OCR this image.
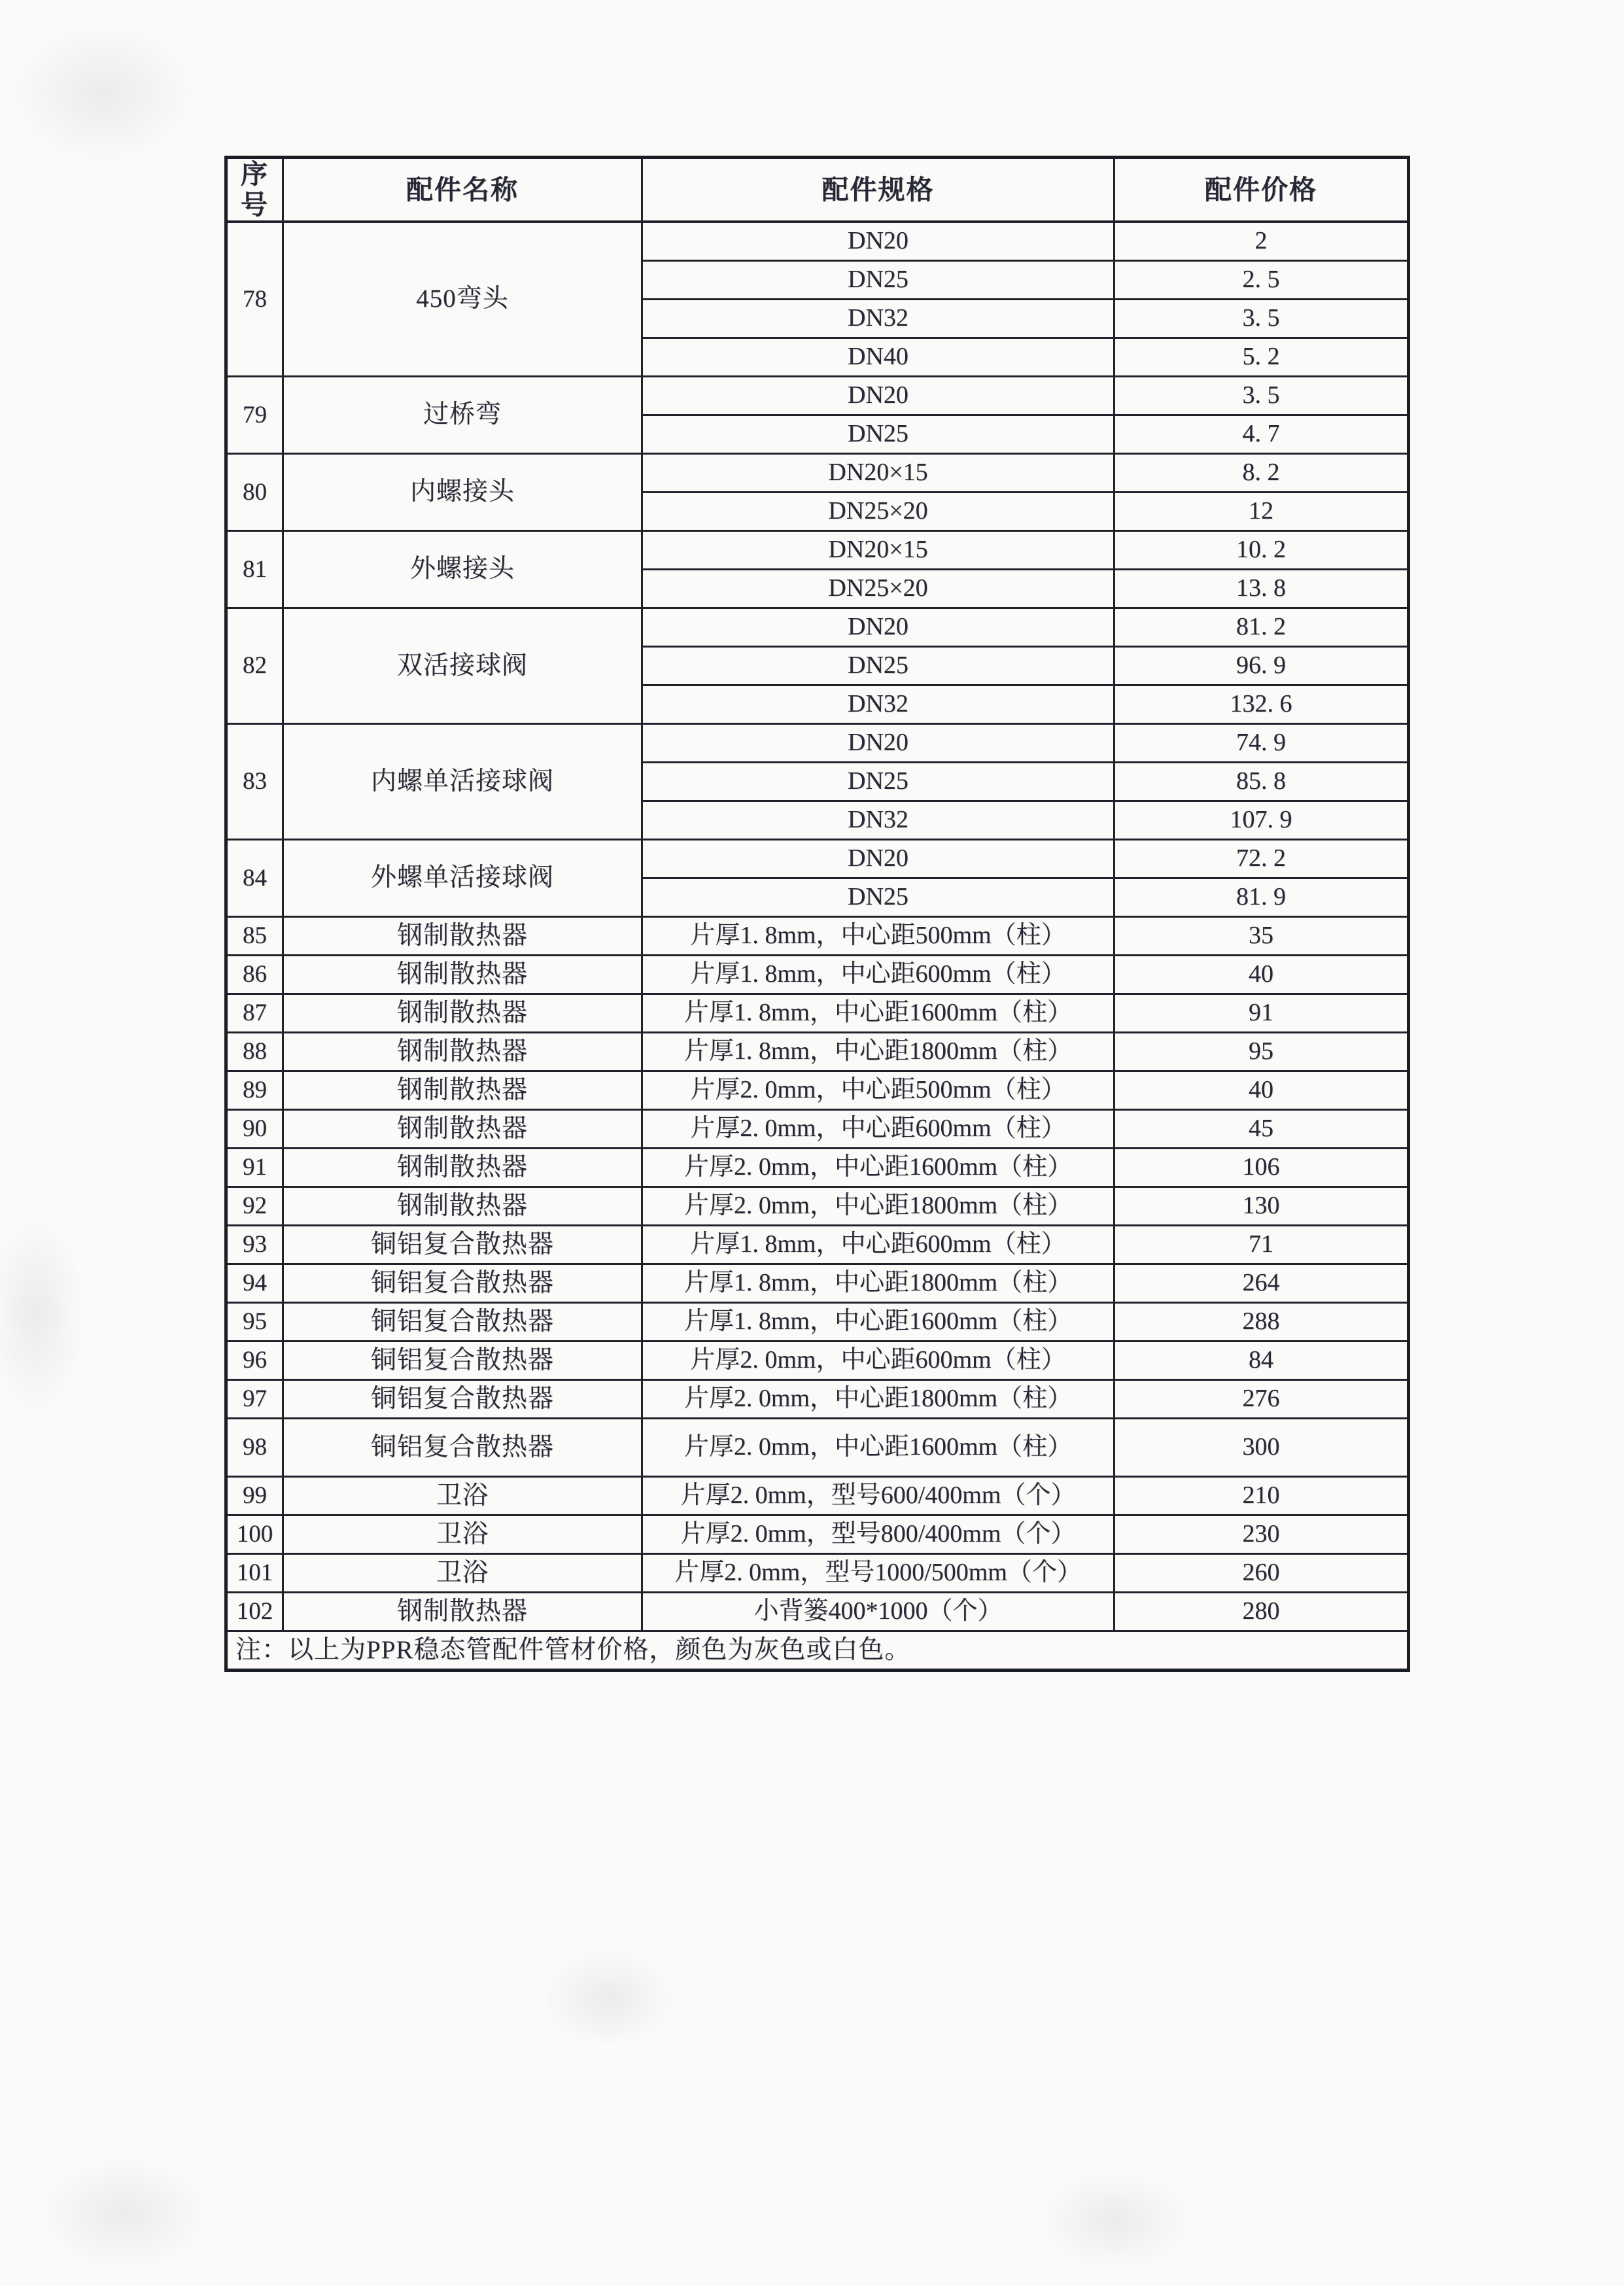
序号	配件名称	配件规格	配件价格
78	450弯头	DN20	2
		DN25	2. 5
		DN32	3. 5
		DN40	5. 2
79	过桥弯	DN20	3. 5
		DN25	4. 7
80	内螺接头	DN20×15	8. 2
		DN25×20	12
81	外螺接头	DN20×15	10. 2
		DN25×20	13. 8
82	双活接球阀	DN20	81. 2
		DN25	96. 9
		DN32	132. 6
83	内螺单活接球阀	DN20	74. 9
		DN25	85. 8
		DN32	107. 9
84	外螺单活接球阀	DN20	72. 2
		DN25	81. 9
85	钢制散热器	片厚1. 8mm，中心距500mm（柱）	35
86	钢制散热器	片厚1. 8mm，中心距600mm（柱）	40
87	钢制散热器	片厚1. 8mm，中心距1600mm（柱）	91
88	钢制散热器	片厚1. 8mm，中心距1800mm（柱）	95
89	钢制散热器	片厚2. 0mm，中心距500mm（柱）	40
90	钢制散热器	片厚2. 0mm，中心距600mm（柱）	45
91	钢制散热器	片厚2. 0mm，中心距1600mm（柱）	106
92	钢制散热器	片厚2. 0mm，中心距1800mm（柱）	130
93	铜铝复合散热器	片厚1. 8mm，中心距600mm（柱）	71
94	铜铝复合散热器	片厚1. 8mm，中心距1800mm（柱）	264
95	铜铝复合散热器	片厚1. 8mm，中心距1600mm（柱）	288
96	铜铝复合散热器	片厚2. 0mm，中心距600mm（柱）	84
97	铜铝复合散热器	片厚2. 0mm，中心距1800mm（柱）	276
98	铜铝复合散热器	片厚2. 0mm，中心距1600mm（柱）	300
99	卫浴	片厚2. 0mm，型号600/400mm（个）	210
100	卫浴	片厚2. 0mm，型号800/400mm（个）	230
101	卫浴	片厚2. 0mm，型号1000/500mm（个）	260
102	钢制散热器	小背篓400*1000（个）	280
注：以上为PPR稳态管配件管材价格，颜色为灰色或白色。			
